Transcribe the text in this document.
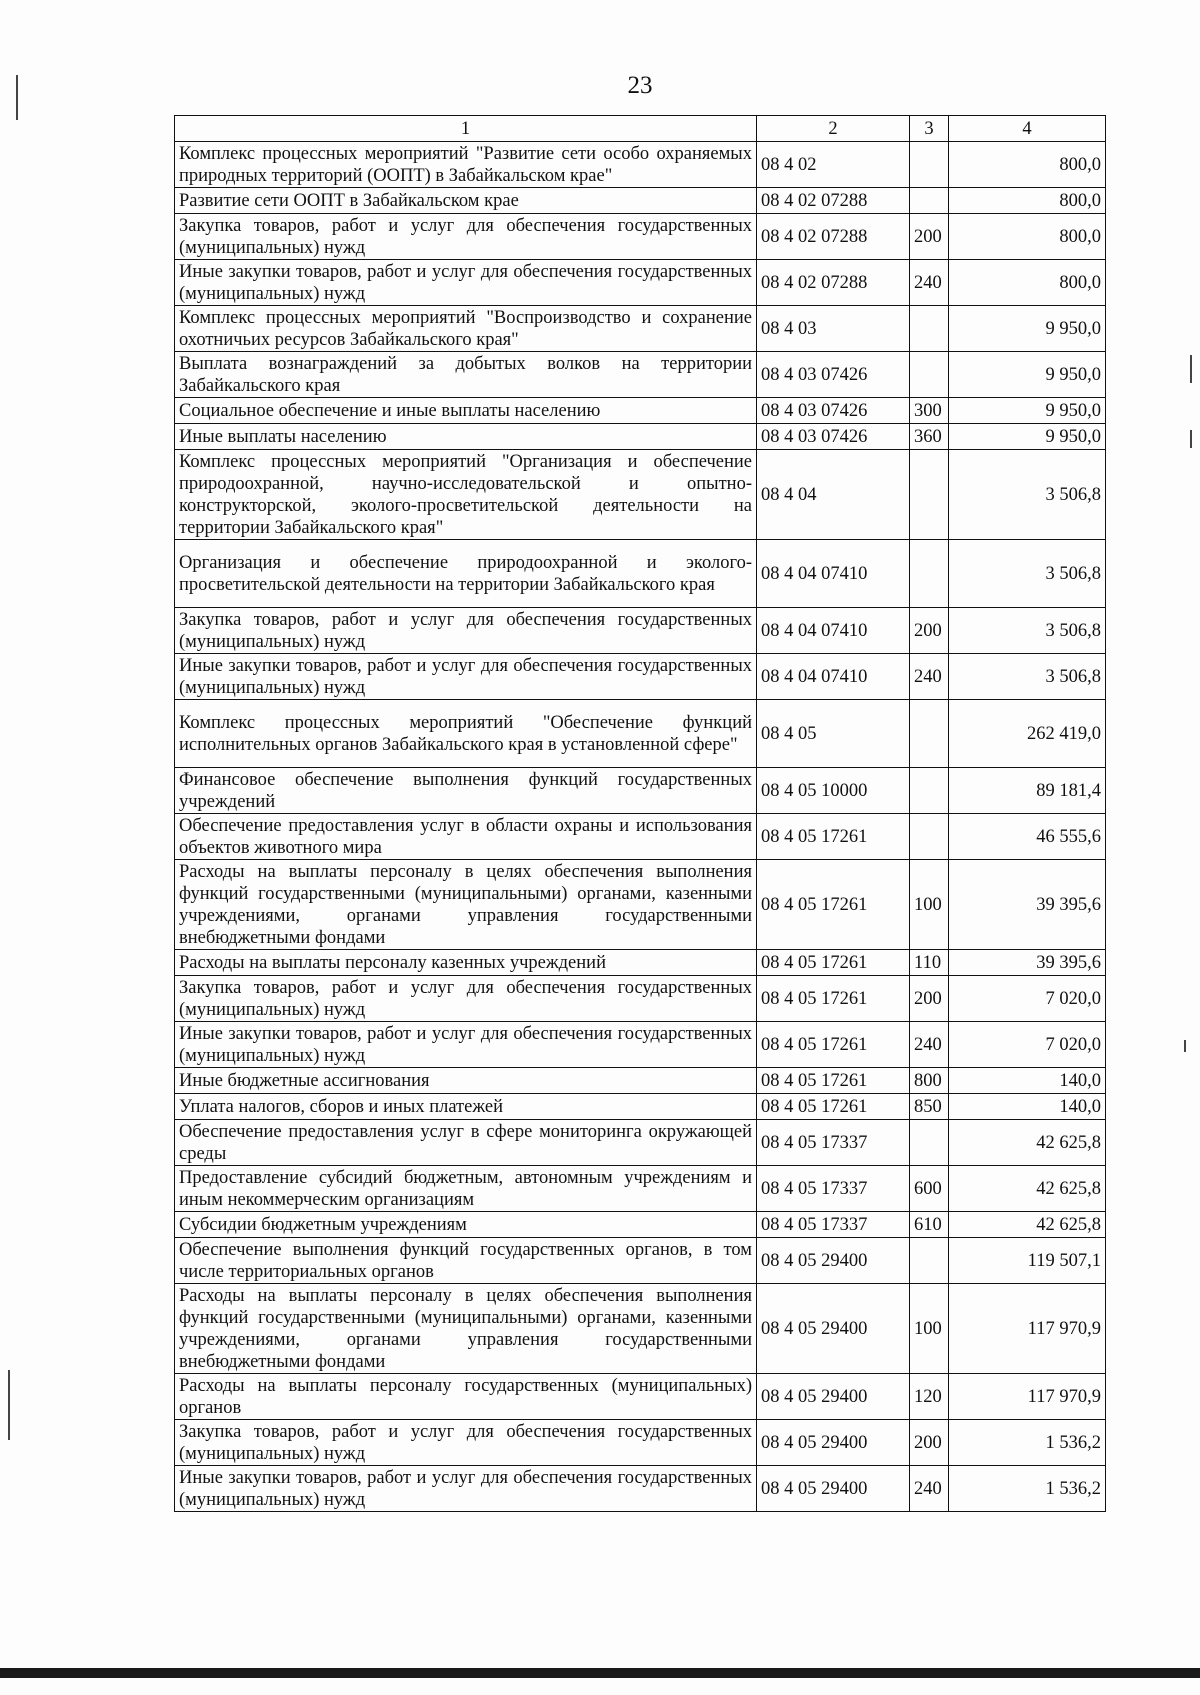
23
1	2	3	4
Комплекс процессных мероприятий "Развитие сети особо охраняемых природных территорий (ООПТ) в Забайкальском крае"	08 4 02		800,0
Развитие сети ООПТ в Забайкальском крае	08 4 02 07288		800,0
Закупка товаров, работ и услуг для обеспечения государственных (муниципальных) нужд	08 4 02 07288	200	800,0
Иные закупки товаров, работ и услуг для обеспечения государственных (муниципальных) нужд	08 4 02 07288	240	800,0
Комплекс процессных мероприятий "Воспроизводство и сохранение охотничьих ресурсов Забайкальского края"	08 4 03		9 950,0
Выплата вознаграждений за добытых волков на территории Забайкальского края	08 4 03 07426		9 950,0
Социальное обеспечение и иные выплаты населению	08 4 03 07426	300	9 950,0
Иные выплаты населению	08 4 03 07426	360	9 950,0
Комплекс процессных мероприятий "Организация и обеспечение природоохранной, научно-исследовательской и опытно-конструкторской, эколого-просветительской деятельности на территории Забайкальского края"	08 4 04		3 506,8
Организация и обеспечение природоохранной и эколого-просветительской деятельности на территории Забайкальского края	08 4 04 07410		3 506,8
Закупка товаров, работ и услуг для обеспечения государственных (муниципальных) нужд	08 4 04 07410	200	3 506,8
Иные закупки товаров, работ и услуг для обеспечения государственных (муниципальных) нужд	08 4 04 07410	240	3 506,8
Комплекс процессных мероприятий "Обеспечение функций исполнительных органов Забайкальского края в установленной сфере"	08 4 05		262 419,0
Финансовое обеспечение выполнения функций государственных учреждений	08 4 05 10000		89 181,4
Обеспечение предоставления услуг в области охраны и использования объектов животного мира	08 4 05 17261		46 555,6
Расходы на выплаты персоналу в целях обеспечения выполнения функций государственными (муниципальными) органами, казенными учреждениями, органами управления государственными внебюджетными фондами	08 4 05 17261	100	39 395,6
Расходы на выплаты персоналу казенных учреждений	08 4 05 17261	110	39 395,6
Закупка товаров, работ и услуг для обеспечения государственных (муниципальных) нужд	08 4 05 17261	200	7 020,0
Иные закупки товаров, работ и услуг для обеспечения государственных (муниципальных) нужд	08 4 05 17261	240	7 020,0
Иные бюджетные ассигнования	08 4 05 17261	800	140,0
Уплата налогов, сборов и иных платежей	08 4 05 17261	850	140,0
Обеспечение предоставления услуг в сфере мониторинга окружающей среды	08 4 05 17337		42 625,8
Предоставление субсидий бюджетным, автономным учреждениям и иным некоммерческим организациям	08 4 05 17337	600	42 625,8
Субсидии бюджетным учреждениям	08 4 05 17337	610	42 625,8
Обеспечение выполнения функций государственных органов, в том числе территориальных органов	08 4 05 29400		119 507,1
Расходы на выплаты персоналу в целях обеспечения выполнения функций государственными (муниципальными) органами, казенными учреждениями, органами управления государственными внебюджетными фондами	08 4 05 29400	100	117 970,9
Расходы на выплаты персоналу государственных (муниципальных) органов	08 4 05 29400	120	117 970,9
Закупка товаров, работ и услуг для обеспечения государственных (муниципальных) нужд	08 4 05 29400	200	1 536,2
Иные закупки товаров, работ и услуг для обеспечения государственных (муниципальных) нужд	08 4 05 29400	240	1 536,2
